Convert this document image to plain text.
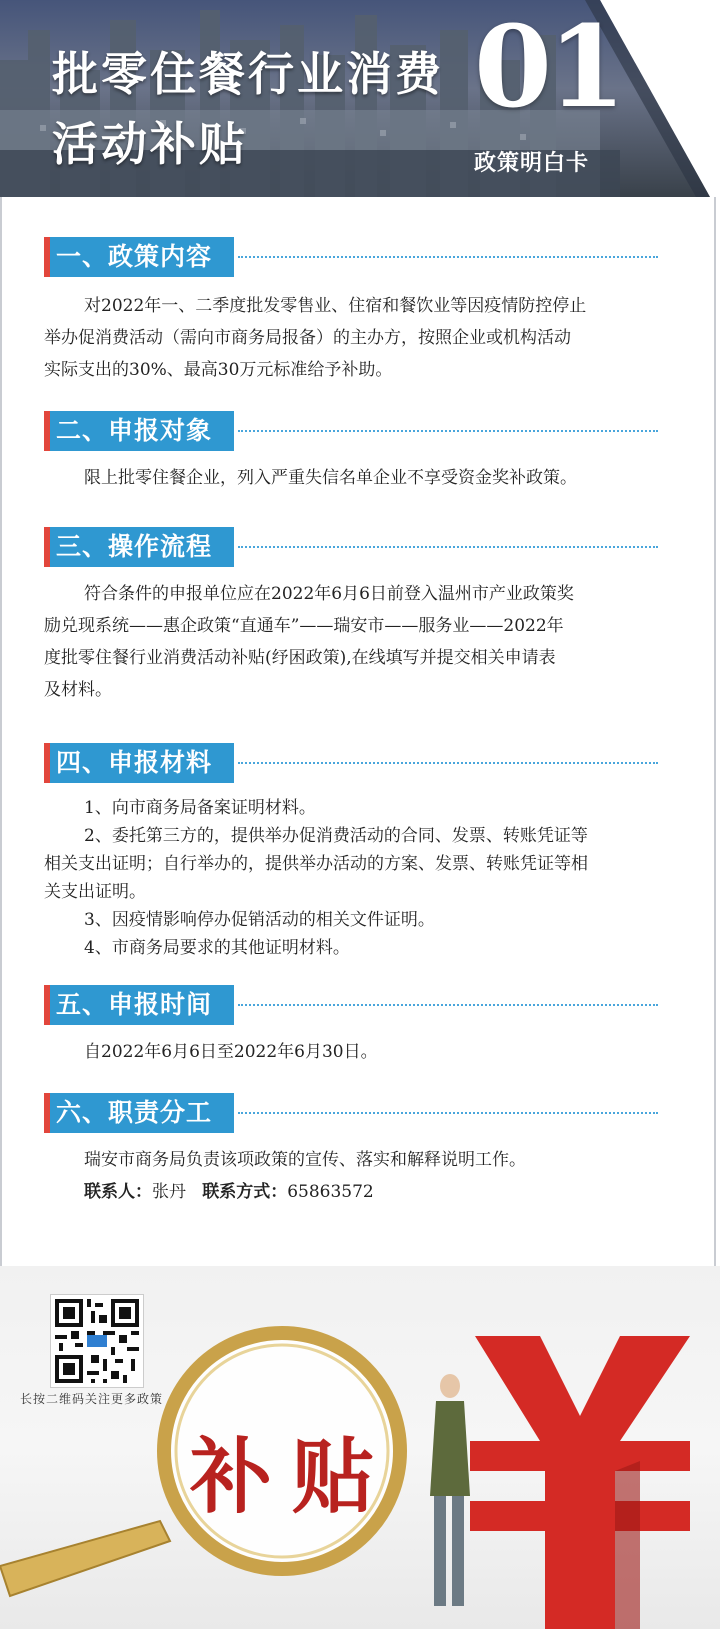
批零住餐行业消费
活动补贴
01
政策明白卡
一、政策内容
对2022年一、二季度批发零售业、住宿和餐饮业等因疫情防控停止
举办促消费活动（需向市商务局报备）的主办方，按照企业或机构活动
实际支出的30%、最高30万元标准给予补助。
二、申报对象
限上批零住餐企业，列入严重失信名单企业不享受资金奖补政策。
三、操作流程
符合条件的申报单位应在2022年6月6日前登入温州市产业政策奖
励兑现系统——惠企政策“直通车”——瑞安市——服务业——2022年
度批零住餐行业消费活动补贴(纾困政策),在线填写并提交相关申请表
及材料。
四、申报材料
1、向市商务局备案证明材料。
2、委托第三方的，提供举办促消费活动的合同、发票、转账凭证等
相关支出证明；自行举办的，提供举办活动的方案、发票、转账凭证等相
关支出证明。
3、因疫情影响停办促销活动的相关文件证明。
4、市商务局要求的其他证明材料。
五、申报时间
自2022年6月6日至2022年6月30日。
六、职责分工
瑞安市商务局负责该项政策的宣传、落实和解释说明工作。
联系人：张丹 联系方式：65863572
长按二维码关注更多政策
补贴
